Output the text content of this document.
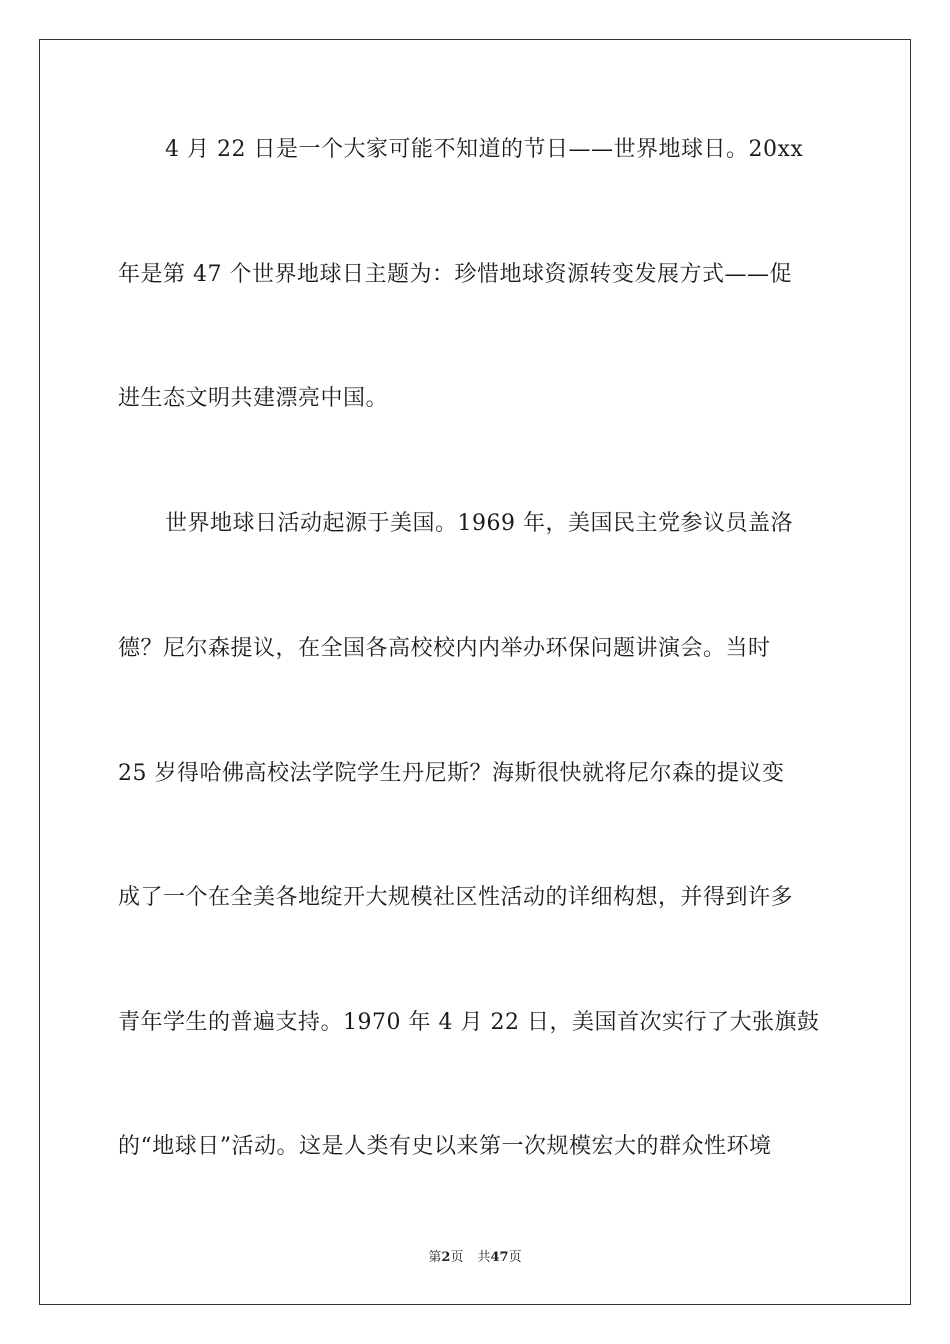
4 月 22 日是一个大家可能不知道的节日——世界地球日。20xx
年是第 47 个世界地球日主题为：珍惜地球资源转变发展方式——促
进生态文明共建漂亮中国。
世界地球日活动起源于美国。1969 年，美国民主党参议员盖洛
德？尼尔森提议，在全国各高校校内内举办环保问题讲演会。当时
25 岁得哈佛高校法学院学生丹尼斯？海斯很快就将尼尔森的提议变
成了一个在全美各地绽开大规模社区性活动的详细构想，并得到许多
青年学生的普遍支持。1970 年 4 月 22 日，美国首次实行了大张旗鼓
的“地球日”活动。这是人类有史以来第一次规模宏大的群众性环境
第2页 共47页
